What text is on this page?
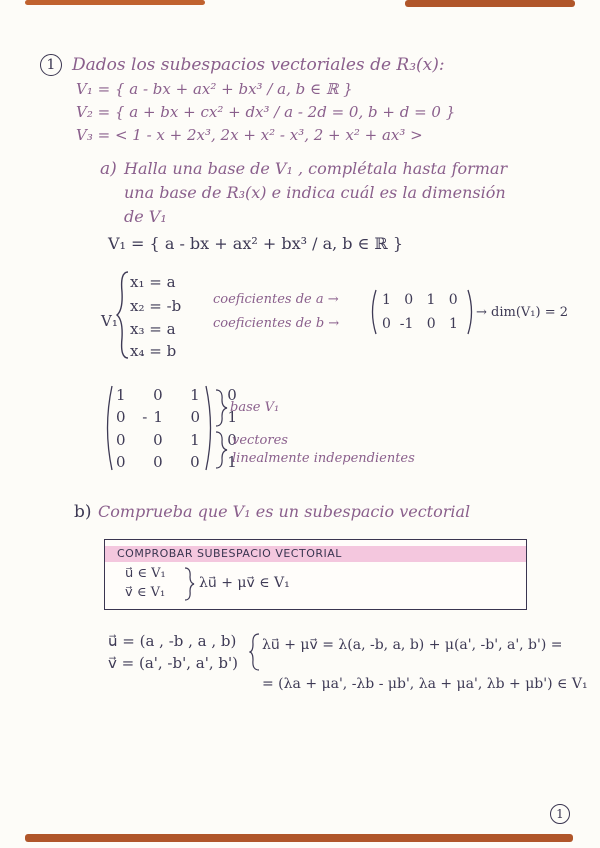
1 Dados los subespacios vectoriales de R₃(x):
V₁ = { a - bx + ax² + bx³ / a, b ∈ ℝ }
V₂ = { a + bx + cx² + dx³ / a - 2d = 0, b + d = 0 }
V₃ = < 1 - x + 2x³, 2x + x² - x³, 2 + x² + ax³ >
a) Halla una base de V₁ , complétala hasta formar
una base de R₃(x) e indica cuál es la dimensión
de V₁
V₁ = { a - bx + ax² + bx³ / a, b ∈ ℝ }
V₁
x₁ = a
x₂ = -b
x₃ = a
x₄ = b
coeficientes de a →
coeficientes de b →
1   0   1   0
0  -1   0   1
→ dim(V₁) = 2
1  0  1  0
0 -1  0  1
0  0  1  0
0  0  0  1
base V₁
vectores
linealmente independientes
b) Comprueba que V₁ es un subespacio vectorial
COMPROBAR SUBESPACIO VECTORIAL
u⃗ ∈ V₁
v⃗ ∈ V₁
λu⃗ + μv⃗ ∈ V₁
u⃗ = (a , -b , a , b)
v⃗ = (a', -b', a', b')
λu⃗ + μv⃗ = λ(a, -b, a, b) + μ(a', -b', a', b') =
= (λa + μa', -λb - μb', λa + μa', λb + μb') ∈ V₁
1
